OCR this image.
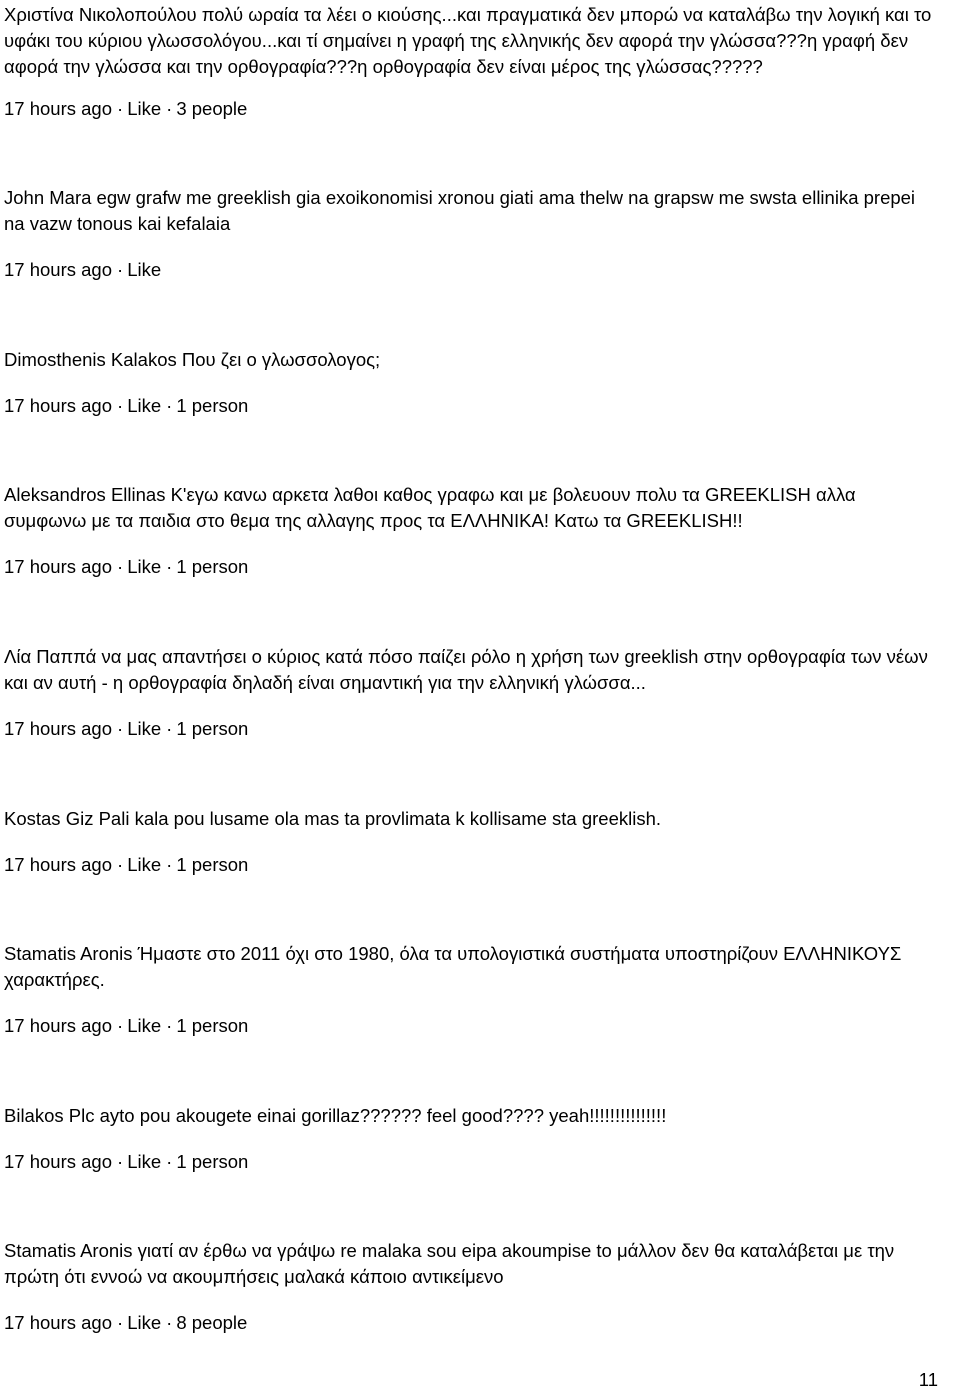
Χριστίνα Νικολοπούλου πολύ ωραία τα λέει ο κιούσης...και πραγματικά δεν μπορώ να καταλάβω την λογική και το υφάκι του κύριου γλωσσολόγου...και τί σημαίνει η γραφή της ελληνικής δεν αφορά την γλώσσα???η γραφή δεν αφορά την γλώσσα και την ορθογραφία???η ορθογραφία δεν είναι μέρος της γλώσσας?????

17 hours ago · Like · 3 people

John Mara egw grafw me greeklish gia exoikonomisi xronou giati ama thelw na grapsw me swsta ellinika prepei na vazw tonous kai kefalaia

17 hours ago · Like

Dimosthenis Kalakos Που ζει ο γλωσσολογος;

17 hours ago · Like · 1 person

Aleksandros Ellinas K'εγω κανω αρκετα λαθοι καθος γραφω και με βολευουν πολυ τα GREEKLISH αλλα συμφωνω με τα παιδια στο θεμα της αλλαγης προς τα ΕΛΛΗΝΙΚΑ! Κατω τα GREEKLISH!!

17 hours ago · Like · 1 person

Λία Παππά να μας απαντήσει ο κύριος κατά πόσο παίζει ρόλο η χρήση των greeklish στην ορθογραφία των νέων και αν αυτή - η ορθογραφία δηλαδή είναι σημαντική για την ελληνική γλώσσα...

17 hours ago · Like · 1 person

Kostas Giz Pali kala pou lusame ola mas ta provlimata k kollisame sta greeklish.

17 hours ago · Like · 1 person

Stamatis Aronis Ήμαστε στο 2011 όχι στο 1980, όλα τα υπολογιστικά συστήματα υποστηρίζουν ΕΛΛΗΝΙΚΟΥΣ χαρακτήρες.

17 hours ago · Like · 1 person

Bilakos Plc ayto pou akougete einai gorillaz?????? feel good???? yeah!!!!!!!!!!!!!!!

17 hours ago · Like · 1 person

Stamatis Aronis γιατί αν έρθω να γράψω re malaka sou eipa akoumpise to μάλλον δεν θα καταλάβεται με την πρώτη ότι εννοώ να ακουμπήσεις μαλακά κάποιο αντικείμενο

17 hours ago · Like · 8 people

11
